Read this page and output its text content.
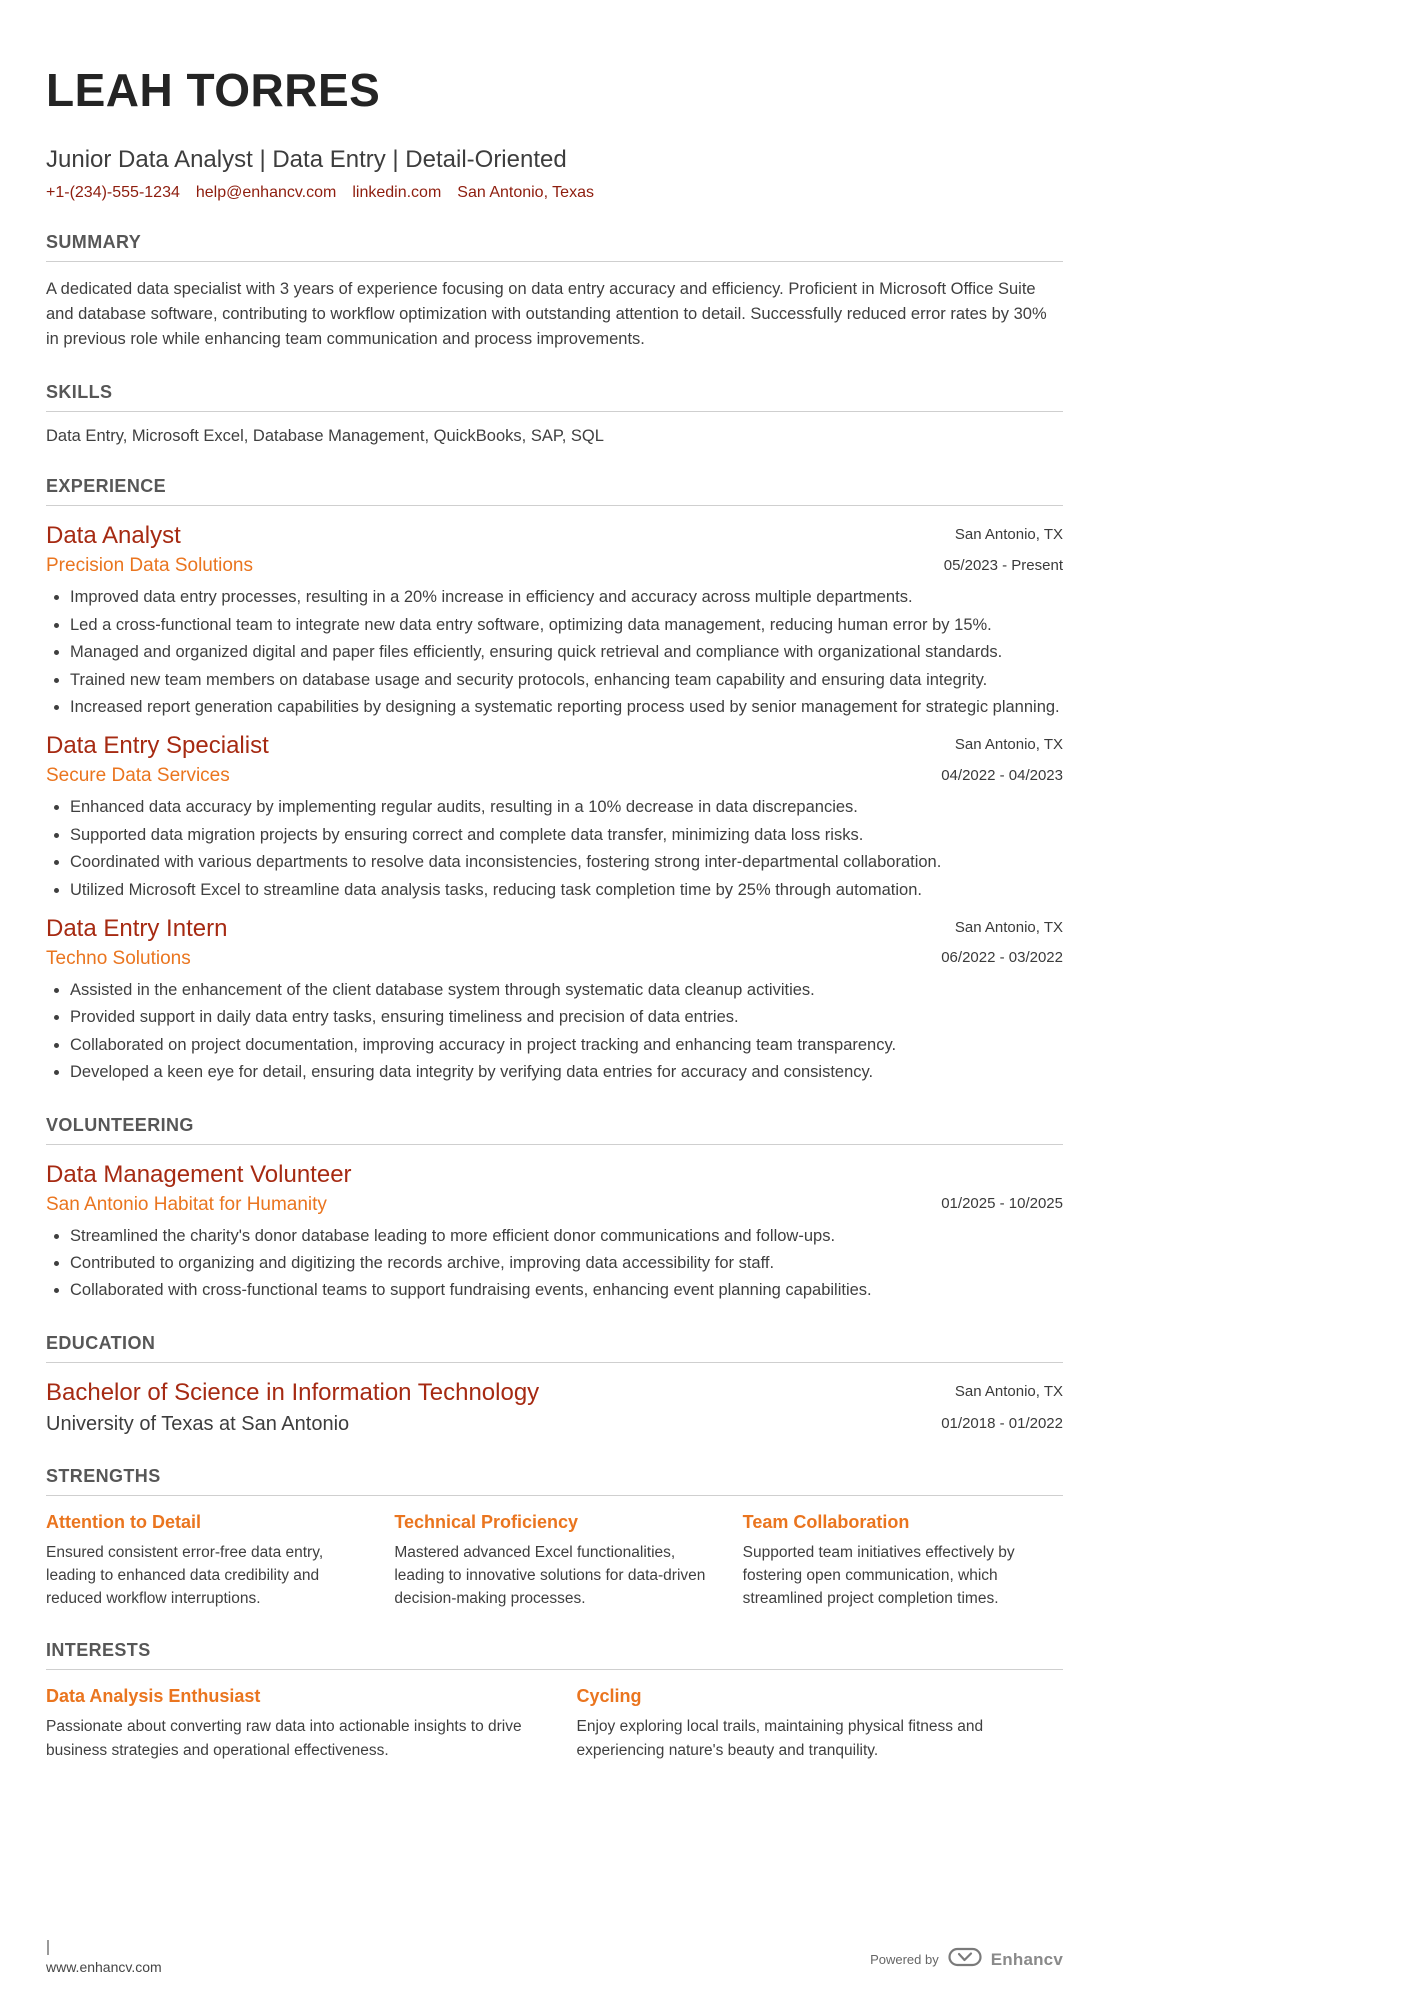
LEAH TORRES
Junior Data Analyst | Data Entry | Detail-Oriented
+1-(234)-555-1234 help@enhancv.com linkedin.com San Antonio, Texas
SUMMARY

A dedicated data specialist with 3 years of experience focusing on data entry accuracy and efficiency. Proficient in Microsoft Office Suite and database software, contributing to workflow optimization with outstanding attention to detail. Successfully reduced error rates by 30% in previous role while enhancing team communication and process improvements.

SKILLS

Data Entry, Microsoft Excel, Database Management, QuickBooks, SAP, SQL

EXPERIENCE
Data Analyst
Precision Data Solutions
San Antonio, TX
05/2023 - Present
• Improved data entry processes, resulting in a 20% increase in efficiency and accuracy across multiple departments.
• Led a cross-functional team to integrate new data entry software, optimizing data management, reducing human error by 15%.
• Managed and organized digital and paper files efficiently, ensuring quick retrieval and compliance with organizational standards.
• Trained new team members on database usage and security protocols, enhancing team capability and ensuring data integrity.
• Increased report generation capabilities by designing a systematic reporting process used by senior management for strategic planning.
Data Entry Specialist
Secure Data Services
San Antonio, TX
04/2022 - 04/2023
• Enhanced data accuracy by implementing regular audits, resulting in a 10% decrease in data discrepancies.
• Supported data migration projects by ensuring correct and complete data transfer, minimizing data loss risks.
• Coordinated with various departments to resolve data inconsistencies, fostering strong inter-departmental collaboration.
• Utilized Microsoft Excel to streamline data analysis tasks, reducing task completion time by 25% through automation.
Data Entry Intern
Techno Solutions
San Antonio, TX
06/2022 - 03/2022
• Assisted in the enhancement of the client database system through systematic data cleanup activities.
• Provided support in daily data entry tasks, ensuring timeliness and precision of data entries.
• Collaborated on project documentation, improving accuracy in project tracking and enhancing team transparency.
• Developed a keen eye for detail, ensuring data integrity by verifying data entries for accuracy and consistency.
VOLUNTEERING
Data Management Volunteer
San Antonio Habitat for Humanity	01/2025 - 10/2025
• Streamlined the charity's donor database leading to more efficient donor communications and follow-ups.
• Contributed to organizing and digitizing the records archive, improving data accessibility for staff.
• Collaborated with cross-functional teams to support fundraising events, enhancing event planning capabilities.
EDUCATION
Bachelor of Science in Information Technology
University of Texas at San Antonio
San Antonio, TX
01/2018 - 01/2022
STRENGTHS
Attention to Detail
Ensured consistent error-free data entry, leading to enhanced data credibility and reduced workflow interruptions.
Technical Proficiency
Mastered advanced Excel functionalities, leading to innovative solutions for data-driven decision-making processes.
Team Collaboration
Supported team initiatives effectively by fostering open communication, which streamlined project completion times.
INTERESTS
Data Analysis Enthusiast
Passionate about converting raw data into actionable insights to drive business strategies and operational effectiveness.
Cycling
Enjoy exploring local trails, maintaining physical fitness and experiencing nature's beauty and tranquility.
www.enhancv.com	Powered by	Enhancv
